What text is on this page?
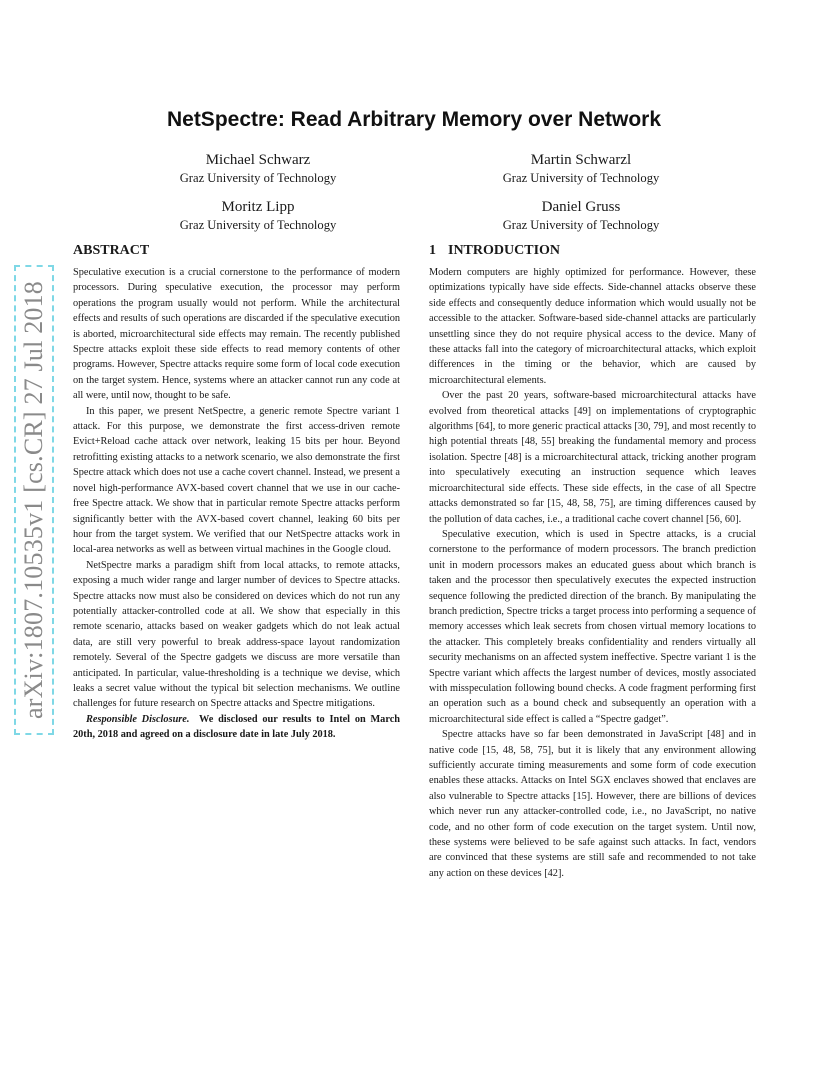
arXiv:1807.10535v1 [cs.CR] 27 Jul 2018
NetSpectre: Read Arbitrary Memory over Network
Michael Schwarz
Graz University of Technology
Martin Schwarzl
Graz University of Technology
Moritz Lipp
Graz University of Technology
Daniel Gruss
Graz University of Technology
ABSTRACT

Speculative execution is a crucial cornerstone to the performance of modern processors. During speculative execution, the processor may perform operations the program usually would not perform. While the architectural effects and results of such operations are discarded if the speculative execution is aborted, microarchitectural side effects may remain. The recently published Spectre attacks exploit these side effects to read memory contents of other programs. However, Spectre attacks require some form of local code execution on the target system. Hence, systems where an attacker cannot run any code at all were, until now, thought to be safe.

In this paper, we present NetSpectre, a generic remote Spectre variant 1 attack. For this purpose, we demonstrate the first access-driven remote Evict+Reload cache attack over network, leaking 15 bits per hour. Beyond retrofitting existing attacks to a network scenario, we also demonstrate the first Spectre attack which does not use a cache covert channel. Instead, we present a novel high-performance AVX-based covert channel that we use in our cache-free Spectre attack. We show that in particular remote Spectre attacks perform significantly better with the AVX-based covert channel, leaking 60 bits per hour from the target system. We verified that our NetSpectre attacks work in local-area networks as well as between virtual machines in the Google cloud.

NetSpectre marks a paradigm shift from local attacks, to remote attacks, exposing a much wider range and larger number of devices to Spectre attacks. Spectre attacks now must also be considered on devices which do not run any potentially attacker-controlled code at all. We show that especially in this remote scenario, attacks based on weaker gadgets which do not leak actual data, are still very powerful to break address-space layout randomization remotely. Several of the Spectre gadgets we discuss are more versatile than anticipated. In particular, value-thresholding is a technique we devise, which leaks a secret value without the typical bit selection mechanisms. We outline challenges for future research on Spectre attacks and Spectre mitigations.

Responsible Disclosure. We disclosed our results to Intel on March 20th, 2018 and agreed on a disclosure date in late July 2018.

1 INTRODUCTION

Modern computers are highly optimized for performance. However, these optimizations typically have side effects. Side-channel attacks observe these side effects and consequently deduce information which would usually not be accessible to the attacker. Software-based side-channel attacks are particularly unsettling since they do not require physical access to the device. Many of these attacks fall into the category of microarchitectural attacks, which exploit differences in the timing or the behavior, which are caused by microarchitectural elements.

Over the past 20 years, software-based microarchitectural attacks have evolved from theoretical attacks [49] on implementations of cryptographic algorithms [64], to more generic practical attacks [30, 79], and most recently to high potential threats [48, 55] breaking the fundamental memory and process isolation. Spectre [48] is a microarchitectural attack, tricking another program into speculatively executing an instruction sequence which leaves microarchitectural side effects. These side effects, in the case of all Spectre attacks demonstrated so far [15, 48, 58, 75], are timing differences caused by the pollution of data caches, i.e., a traditional cache covert channel [56, 60].

Speculative execution, which is used in Spectre attacks, is a crucial cornerstone to the performance of modern processors. The branch prediction unit in modern processors makes an educated guess about which branch is taken and the processor then speculatively executes the expected instruction sequence following the predicted direction of the branch. By manipulating the branch prediction, Spectre tricks a target process into performing a sequence of memory accesses which leak secrets from chosen virtual memory locations to the attacker. This completely breaks confidentiality and renders virtually all security mechanisms on an affected system ineffective. Spectre variant 1 is the Spectre variant which affects the largest number of devices, mostly associated with misspeculation following bound checks. A code fragment performing first an operation such as a bound check and subsequently an operation with a microarchitectural side effect is called a “Spectre gadget”.

Spectre attacks have so far been demonstrated in JavaScript [48] and in native code [15, 48, 58, 75], but it is likely that any environment allowing sufficiently accurate timing measurements and some form of code execution enables these attacks. Attacks on Intel SGX enclaves showed that enclaves are also vulnerable to Spectre attacks [15]. However, there are billions of devices which never run any attacker-controlled code, i.e., no JavaScript, no native code, and no other form of code execution on the target system. Until now, these systems were believed to be safe against such attacks. In fact, vendors are convinced that these systems are still safe and recommended to not take any action on these devices [42].
